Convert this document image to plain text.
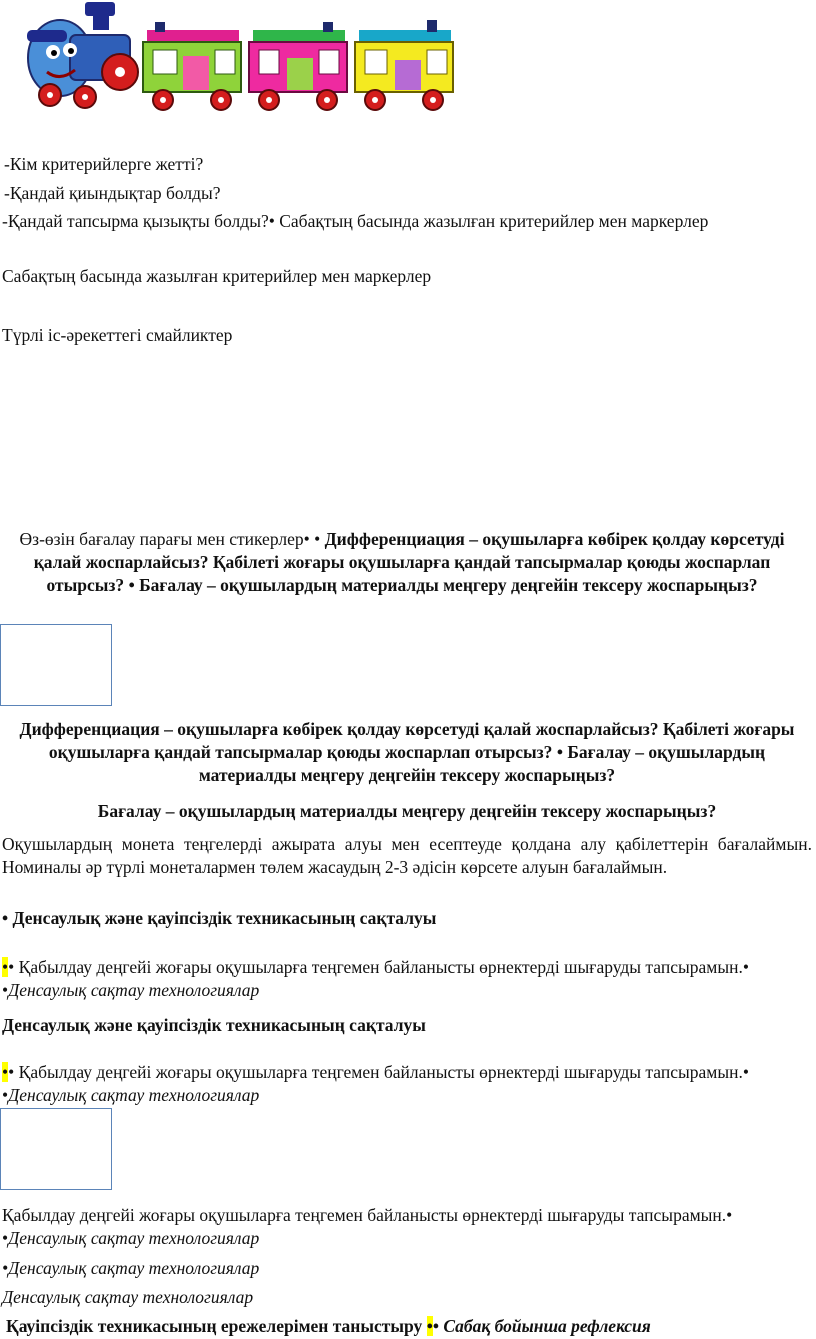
-Кім критерийлерге жетті?

-Қандай қиындықтар болды?

-Қандай тапсырма қызықты болды?• Сабақтың басында жазылған критерийлер мен маркерлер

Сабақтың басында жазылған критерийлер мен маркерлер

Түрлі іс-әрекеттегі смайликтер

Өз-өзін бағалау парағы мен стикерлер• • Дифференциация – оқушыларға көбірек қолдау көрсетуді қалай жоспарлайсыз? Қабілеті жоғары оқушыларға қандай тапсырмалар қоюды жоспарлап отырсыз? • Бағалау – оқушылардың материалды меңгеру деңгейін тексеру жоспарыңыз?
Дифференциация – оқушыларға көбірек қолдау көрсетуді қалай жоспарлайсыз? Қабілеті жоғары оқушыларға қандай тапсырмалар қоюды жоспарлап отырсыз? • Бағалау – оқушылардың материалды меңгеру деңгейін тексеру жоспарыңыз?

Бағалау – оқушылардың материалды меңгеру деңгейін тексеру жоспарыңыз?

Оқушылардың монета теңгелерді ажырата алуы мен есептеуде қолдана алу қабілеттерін бағалаймын. Номиналы әр түрлі монеталармен төлем жасаудың 2-3 әдісін көрсете алуын бағалаймын.

• Денсаулық және қауіпсіздік техникасының сақталуы
•• Қабылдау деңгейі жоғары оқушыларға теңгемен байланысты өрнектерді шығаруды тапсырамын.• •Денсаулық сақтау технологиялар

Денсаулық және қауіпсіздік техникасының сақталуы

•• Қабылдау деңгейі жоғары оқушыларға теңгемен байланысты өрнектерді шығаруды тапсырамын.• •Денсаулық сақтау технологиялар
Қабылдау деңгейі жоғары оқушыларға теңгемен байланысты өрнектерді шығаруды тапсырамын.• •Денсаулық сақтау технологиялар
•Денсаулық сақтау технологиялар

Денсаулық сақтау технологиялар

Қауіпсіздік техникасының ережелерімен таныстыру •• Сабақ бойынша рефлексия
